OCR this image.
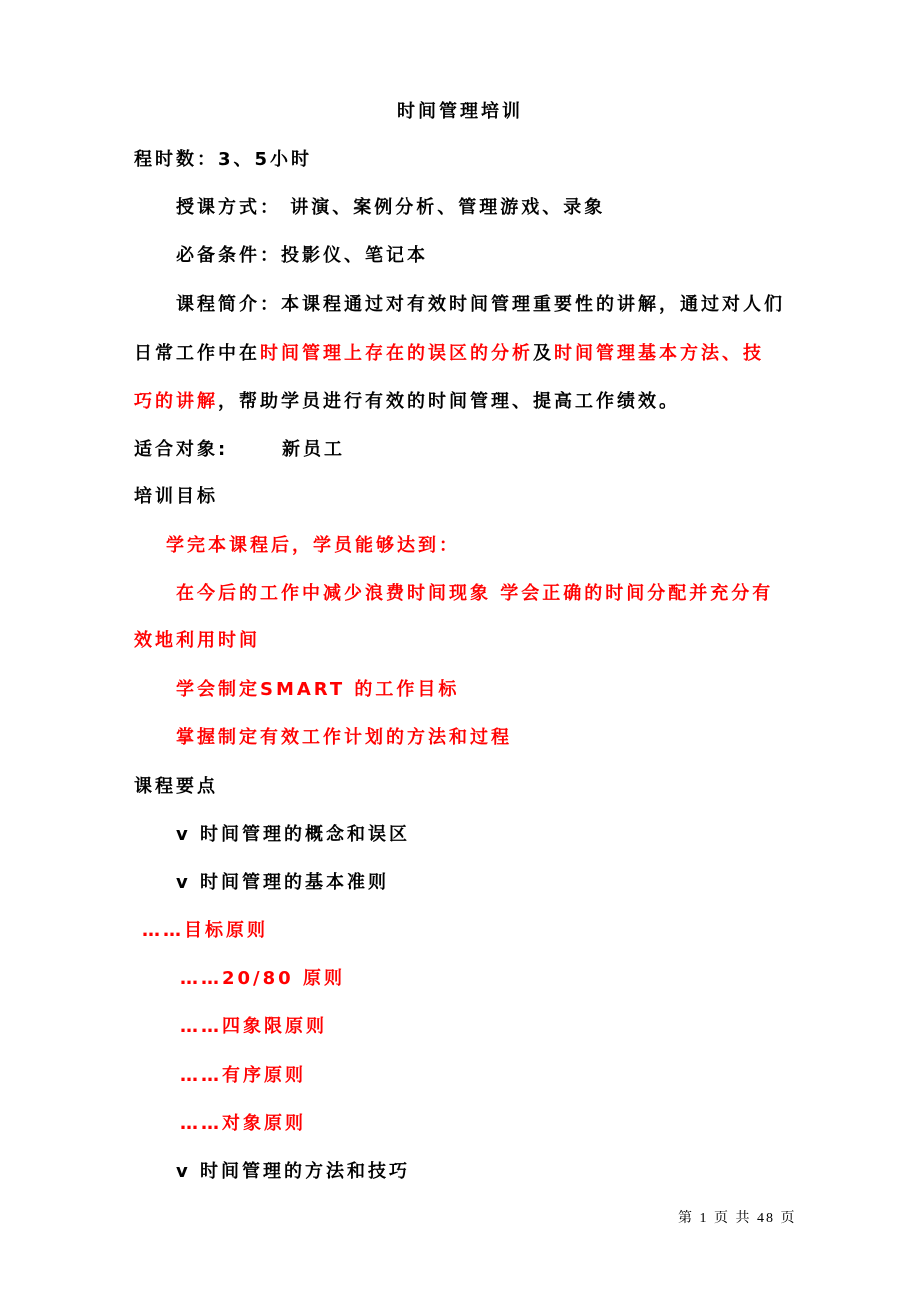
时间管理培训
程时数：3、5小时
授课方式： 讲演、案例分析、管理游戏、录象
必备条件：投影仪、笔记本
课程简介：本课程通过对有效时间管理重要性的讲解，通过对人们
日常工作中在时间管理上存在的误区的分析及时间管理基本方法、技
巧的讲解，帮助学员进行有效的时间管理、提高工作绩效。
适合对象:	新员工
培训目标
学完本课程后，学员能够达到：
在今后的工作中减少浪费时间现象 学会正确的时间分配并充分有
效地利用时间
学会制定SMART 的工作目标
掌握制定有效工作计划的方法和过程
课程要点
v 时间管理的概念和误区
v 时间管理的基本准则
……目标原则
……20/80 原则
……四象限原则
……有序原则
……对象原则
v 时间管理的方法和技巧
第 1 页 共 48 页
